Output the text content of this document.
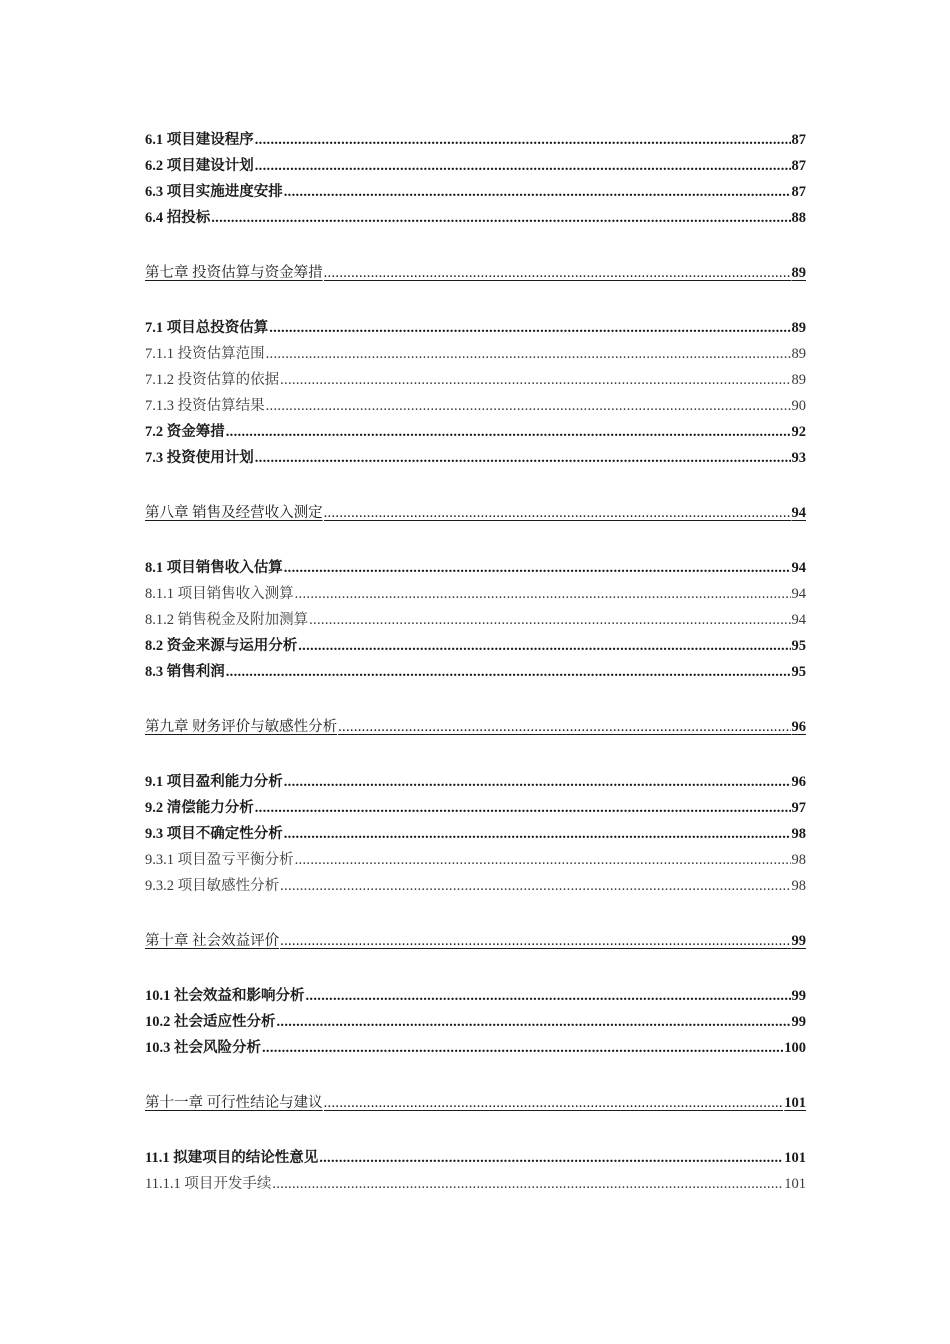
6.1 项目建设程序 .....	87
6.2 项目建设计划 .....	87
6.3 项目实施进度安排 .....	87
6.4 招投标 .....	88
第七章 投资估算与资金筹措 .....	89
7.1 项目总投资估算 .....	89
7.1.1 投资估算范围 .....	89
7.1.2 投资估算的依据 .....	89
7.1.3 投资估算结果 .....	90
7.2 资金筹措 .....	92
7.3 投资使用计划 .....	93
第八章 销售及经营收入测定 .....	94
8.1 项目销售收入估算 .....	94
8.1.1 项目销售收入测算 .....	94
8.1.2 销售税金及附加测算 .....	94
8.2 资金来源与运用分析 .....	95
8.3 销售利润 .....	95
第九章 财务评价与敏感性分析 .....	96
9.1 项目盈利能力分析 .....	96
9.2 清偿能力分析 .....	97
9.3 项目不确定性分析 .....	98
9.3.1 项目盈亏平衡分析 .....	98
9.3.2 项目敏感性分析 .....	98
第十章 社会效益评价 .....	99
10.1 社会效益和影响分析 .....	99
10.2 社会适应性分析 .....	99
10.3 社会风险分析 .....	100
第十一章 可行性结论与建议 .....	101
11.1 拟建项目的结论性意见 .....	101
11.1.1 项目开发手续 .....	101
